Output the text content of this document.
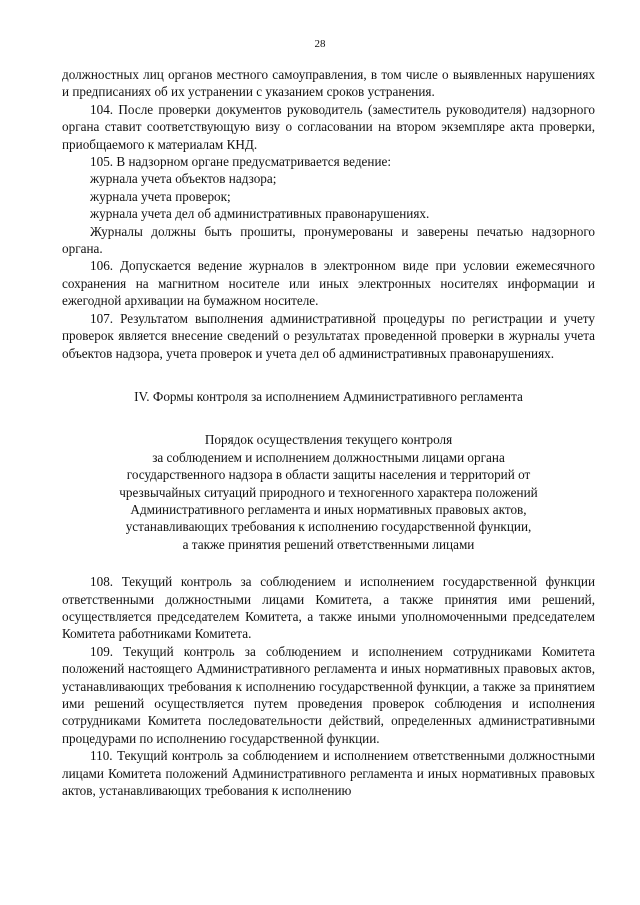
28

должностных лиц органов местного самоуправления, в том числе о выявленных нарушениях и предписаниях об их устранении с указанием сроков устранения.

104. После проверки документов руководитель (заместитель руководителя) надзорного органа ставит соответствующую визу о согласовании на втором экземпляре акта проверки, приобщаемого к материалам КНД.

105. В надзорном органе предусматривается ведение:

журнала учета объектов надзора;

журнала учета проверок;

журнала учета дел об административных правонарушениях.

Журналы должны быть прошиты, пронумерованы и заверены печатью надзорного органа.

106. Допускается ведение журналов в электронном виде при условии ежемесячного сохранения на магнитном носителе или иных электронных носителях информации и ежегодной архивации на бумажном носителе.

107. Результатом выполнения административной процедуры по регистрации и учету проверок является внесение сведений о результатах проведенной проверки в журналы учета объектов надзора, учета проверок и учета дел об административных правонарушениях.

IV. Формы контроля за исполнением Административного регламента

Порядок осуществления текущего контроля

за соблюдением и исполнением должностными лицами органа

государственного надзора в области защиты населения и территорий от

чрезвычайных ситуаций природного и техногенного характера положений

Административного регламента и иных нормативных правовых актов,

устанавливающих требования к исполнению государственной функции,

а также принятия решений ответственными лицами

108. Текущий контроль за соблюдением и исполнением государственной функции ответственными должностными лицами Комитета, а также принятия ими решений, осуществляется председателем Комитета, а также иными уполномоченными председателем Комитета работниками Комитета.

109. Текущий контроль за соблюдением и исполнением сотрудниками Комитета положений настоящего Административного регламента и иных нормативных правовых актов, устанавливающих требования к исполнению государственной функции, а также за принятием ими решений осуществляется путем проведения проверок соблюдения и исполнения сотрудниками Комитета последовательности действий, определенных административными процедурами по исполнению государственной функции.

110. Текущий контроль за соблюдением и исполнением ответственными должностными лицами Комитета положений Административного регламента и иных нормативных правовых актов, устанавливающих требования к исполнению
